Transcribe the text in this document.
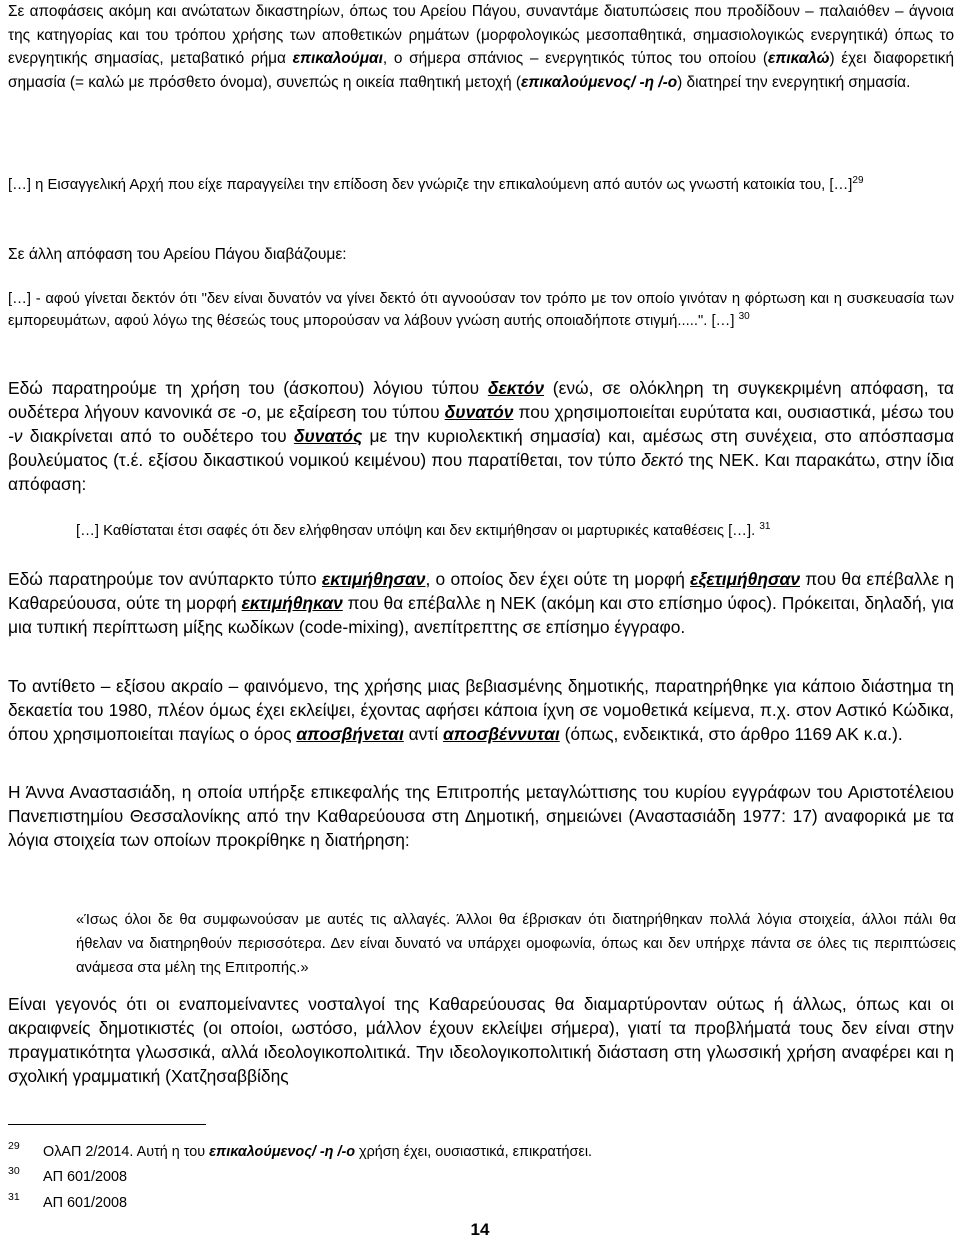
Σε αποφάσεις ακόμη και ανώτατων δικαστηρίων, όπως του Αρείου Πάγου, συναντάμε διατυπώσεις που προδίδουν – παλαιόθεν – άγνοια της κατηγορίας και του τρόπου χρήσης των αποθετικών ρημάτων (μορφολογικώς μεσοπαθητικά, σημασιολογικώς ενεργητικά) όπως το ενεργητικής σημασίας, μεταβατικό ρήμα επικαλούμαι, ο σήμερα σπάνιος – ενεργητικός τύπος του οποίου (επικαλώ) έχει διαφορετική σημασία (= καλώ με πρόσθετο όνομα), συνεπώς η οικεία παθητική μετοχή (επικαλούμενος/ -η /-ο) διατηρεί την ενεργητική σημασία.

[…] η Εισαγγελική Αρχή που είχε παραγγείλει την επίδοση δεν γνώριζε την επικαλούμενη από αυτόν ως γνωστή κατοικία του, […]$^{29}$

Σε άλλη απόφαση του Αρείου Πάγου διαβάζουμε:

[…] - αφού γίνεται δεκτόν ότι "δεν είναι δυνατόν να γίνει δεκτό ότι αγνοούσαν τον τρόπο με τον οποίο γινόταν η φόρτωση και η συσκευασία των εμπορευμάτων, αφού λόγω της θέσεώς τους μπορούσαν να λάβουν γνώση αυτής οποιαδήποτε στιγμή.....". […] $^{30}$

Εδώ παρατηρούμε τη χρήση του (άσκοπου) λόγιου τύπου δεκτόν (ενώ, σε ολόκληρη τη συγκεκριμένη απόφαση, τα ουδέτερα λήγουν κανονικά σε -ο, με εξαίρεση του τύπου δυνατόν που χρησιμοποιείται ευρύτατα και, ουσιαστικά, μέσω του -ν διακρίνεται από το ουδέτερο του δυνατός με την κυριολεκτική σημασία) και, αμέσως στη συνέχεια, στο απόσπασμα βουλεύματος (τ.έ. εξίσου δικαστικού νομικού κειμένου) που παρατίθεται, τον τύπο δεκτό της ΝΕΚ. Και παρακάτω, στην ίδια απόφαση:

[…] Καθίσταται έτσι σαφές ότι δεν ελήφθησαν υπόψη και δεν εκτιμήθησαν οι μαρτυρικές καταθέσεις […]. $^{31}$

Εδώ παρατηρούμε τον ανύπαρκτο τύπο εκτιμήθησαν, ο οποίος δεν έχει ούτε τη μορφή εξετιμήθησαν που θα επέβαλλε η Καθαρεύουσα, ούτε τη μορφή εκτιμήθηκαν που θα επέβαλλε η ΝΕΚ (ακόμη και στο επίσημο ύφος). Πρόκειται, δηλαδή, για μια τυπική περίπτωση μίξης κωδίκων (code-mixing), ανεπίτρεπτης σε επίσημο έγγραφο.

Το αντίθετο – εξίσου ακραίο – φαινόμενο, της χρήσης μιας βεβιασμένης δημοτικής, παρατηρήθηκε για κάποιο διάστημα τη δεκαετία του 1980, πλέον όμως έχει εκλείψει, έχοντας αφήσει κάποια ίχνη σε νομοθετικά κείμενα, π.χ. στον Αστικό Κώδικα, όπου χρησιμοποιείται παγίως ο όρος αποσβήνεται αντί αποσβέννυται (όπως, ενδεικτικά, στο άρθρο 1169 ΑΚ κ.α.).

Η Άννα Αναστασιάδη, η οποία υπήρξε επικεφαλής της Επιτροπής μεταγλώττισης του κυρίου εγγράφων του Αριστοτέλειου Πανεπιστημίου Θεσσαλονίκης από την Καθαρεύουσα στη Δημοτική, σημειώνει (Αναστασιάδη 1977: 17) αναφορικά με τα λόγια στοιχεία των οποίων προκρίθηκε η διατήρηση:

«Ίσως όλοι δε θα συμφωνούσαν με αυτές τις αλλαγές. Άλλοι θα έβρισκαν ότι διατηρήθηκαν πολλά λόγια στοιχεία, άλλοι πάλι θα ήθελαν να διατηρηθούν περισσότερα. Δεν είναι δυνατό να υπάρχει ομοφωνία, όπως και δεν υπήρχε πάντα σε όλες τις περιπτώσεις ανάμεσα στα μέλη της Επιτροπής.»

Είναι γεγονός ότι οι εναπομείναντες νοσταλγοί της Καθαρεύουσας θα διαμαρτύρονταν ούτως ή άλλως, όπως και οι ακραιφνείς δημοτικιστές (οι οποίοι, ωστόσο, μάλλον έχουν εκλείψει σήμερα), γιατί τα προβλήματά τους δεν είναι στην πραγματικότητα γλωσσικά, αλλά ιδεολογικοπολιτικά. Την ιδεολογικοπολιτική διάσταση στη γλωσσική χρήση αναφέρει και η σχολική γραμματική (Χατζησαββίδης

29 ΟλΑΠ 2/2014. Αυτή η του επικαλούμενος/ -η /-ο χρήση έχει, ουσιαστικά, επικρατήσει.
30 ΑΠ 601/2008
31 ΑΠ 601/2008
14
